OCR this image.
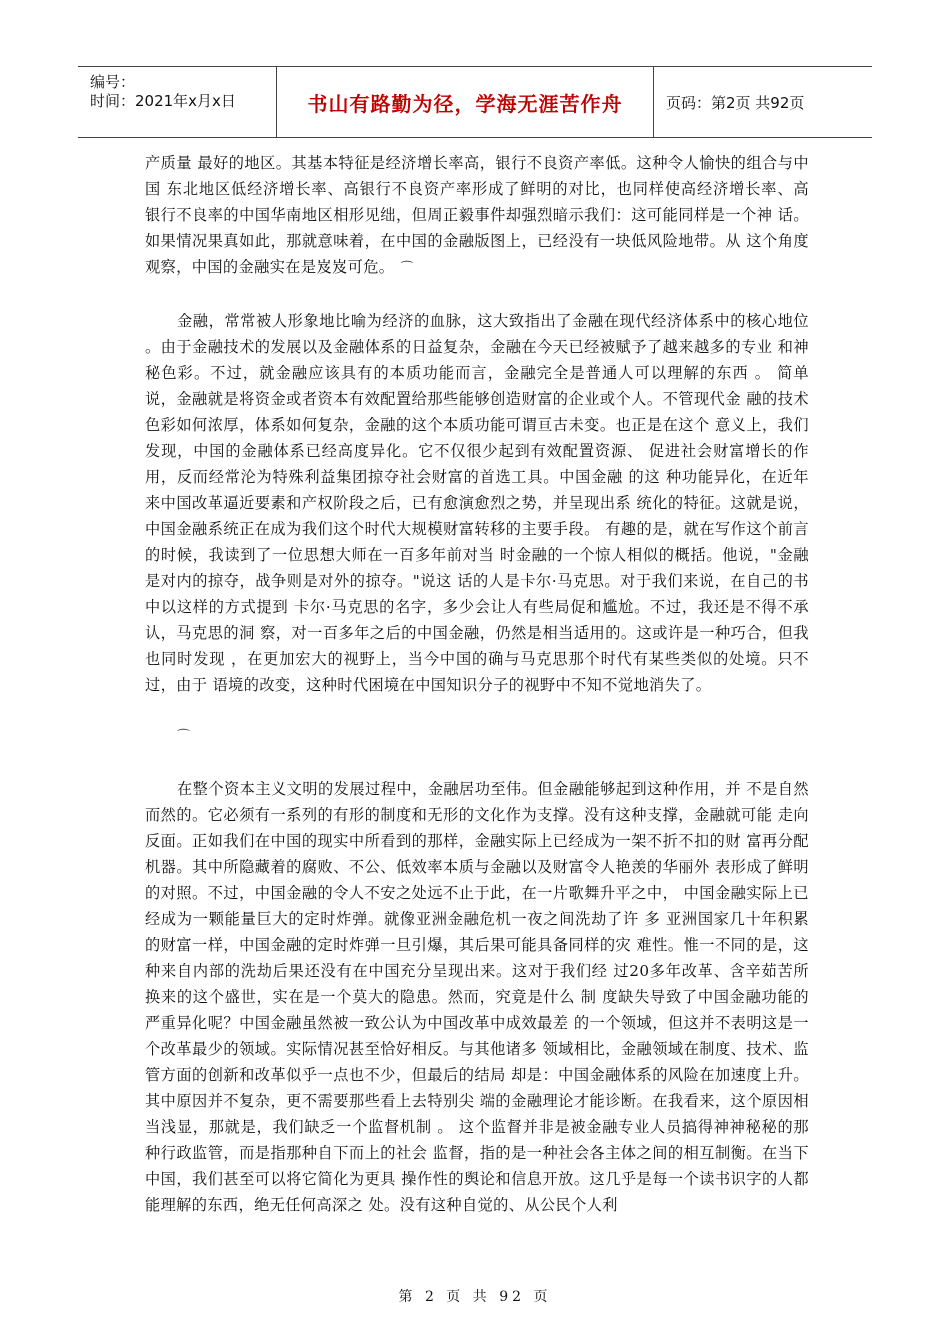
编号：
时间：2021年x月x日	书山有路勤为径，学海无涯苦作舟	页码：第2页 共92页

产质量 最好的地区。其基本特征是经济增长率高，银行不良资产率低。这种令人愉快的组合与中国 东北地区低经济增长率、高银行不良资产率形成了鲜明的对比，也同样使高经济增长率、高 银行不良率的中国华南地区相形见绌，但周正毅事件却强烈暗示我们：这可能同样是一个神 话。如果情况果真如此，那就意味着，在中国的金融版图上，已经没有一块低风险地带。从 这个角度观察，中国的金融实在是岌岌可危。 ⌒

金融，常常被人形象地比喻为经济的血脉，这大致指出了金融在现代经济体系中的核心地位 。由于金融技术的发展以及金融体系的日益复杂，金融在今天已经被赋予了越来越多的专业 和神秘色彩。不过，就金融应该具有的本质功能而言，金融完全是普通人可以理解的东西 。 简单说，金融就是将资金或者资本有效配置给那些能够创造财富的企业或个人。不管现代金 融的技术色彩如何浓厚，体系如何复杂，金融的这个本质功能可谓亘古未变。也正是在这个 意义上，我们发现，中国的金融体系已经高度异化。它不仅很少起到有效配置资源、 促进社会财富增长的作用，反而经常沦为特殊利益集团掠夺社会财富的首选工具。中国金融 的这 种功能异化，在近年来中国改革逼近要素和产权阶段之后，已有愈演愈烈之势，并呈现出系 统化的特征。这就是说，中国金融系统正在成为我们这个时代大规模财富转移的主要手段。 有趣的是，就在写作这个前言的时候，我读到了一位思想大师在一百多年前对当 时金融的一个惊人相似的概括。他说，"金融是对内的掠夺，战争则是对外的掠夺。"说这 话的人是卡尔·马克思。对于我们来说，在自己的书中以这样的方式提到 卡尔·马克思的名字，多少会让人有些局促和尴尬。不过，我还是不得不承认，马克思的洞 察，对一百多年之后的中国金融，仍然是相当适用的。这或许是一种巧合，但我也同时发现 ，在更加宏大的视野上，当今中国的确与马克思那个时代有某些类似的处境。只不过，由于 语境的改变，这种时代困境在中国知识分子的视野中不知不觉地消失了。

⌒

在整个资本主义文明的发展过程中，金融居功至伟。但金融能够起到这种作用，并 不是自然 而然的。它必须有一系列的有形的制度和无形的文化作为支撑。没有这种支撑，金融就可能 走向反面。正如我们在中国的现实中所看到的那样，金融实际上已经成为一架不折不扣的财 富再分配机器。其中所隐藏着的腐败、不公、低效率本质与金融以及财富令人艳羡的华丽外 表形成了鲜明的对照。不过，中国金融的令人不安之处远不止于此，在一片歌舞升平之中， 中国金融实际上已经成为一颗能量巨大的定时炸弹。就像亚洲金融危机一夜之间洗劫了许 多 亚洲国家几十年积累的财富一样，中国金融的定时炸弹一旦引爆，其后果可能具备同样的灾 难性。惟一不同的是，这种来自内部的洗劫后果还没有在中国充分呈现出来。这对于我们经 过20多年改革、含辛茹苦所换来的这个盛世，实在是一个莫大的隐患。然而，究竟是什么 制 度缺失导致了中国金融功能的严重异化呢？中国金融虽然被一致公认为中国改革中成效最差 的一个领域，但这并不表明这是一个改革最少的领域。实际情况甚至恰好相反。与其他诸多 领域相比，金融领域在制度、技术、监管方面的创新和改革似乎一点也不少，但最后的结局 却是：中国金融体系的风险在加速度上升。其中原因并不复杂，更不需要那些看上去特别尖 端的金融理论才能诊断。在我看来，这个原因相当浅显，那就是，我们缺乏一个监督机制 。 这个监督并非是被金融专业人员搞得神神秘秘的那种行政监管，而是指那种自下而上的社会 监督，指的是一种社会各主体之间的相互制衡。在当下中国，我们甚至可以将它简化为更具 操作性的舆论和信息开放。这几乎是每一个读书识字的人都能理解的东西，绝无任何高深之 处。没有这种自觉的、从公民个人利

第 2 页 共 92 页
